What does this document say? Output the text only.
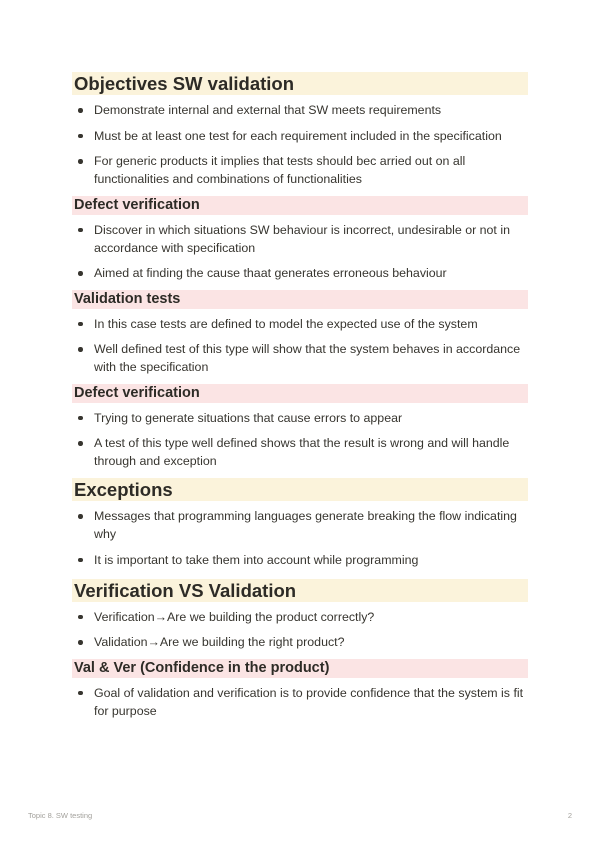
Objectives SW validation
Demonstrate internal and external that SW meets requirements
Must be at least one test for each requirement included in the specification
For generic products it implies that tests should bec arried out on all functionalities and combinations of functionalities
Defect verification
Discover in which situations SW behaviour is incorrect, undesirable or not in accordance with specification
Aimed at finding the cause thaat generates erroneous behaviour
Validation tests
In this case tests are defined to model the expected use of the system
Well defined test of this type will show that the system behaves in accordance with the specification
Defect verification
Trying to generate situations that cause errors to appear
A test of this type well defined shows that the result is wrong and will handle through and exception
Exceptions
Messages that programming languages generate breaking the flow indicating why
It is important to take them into account while programming
Verification VS Validation
Verification→Are we building the product correctly?
Validation→Are we building the right product?
Val & Ver (Confidence in the product)
Goal of validation and verification is to provide confidence that the system is fit for purpose
Topic 8. SW testing	2
